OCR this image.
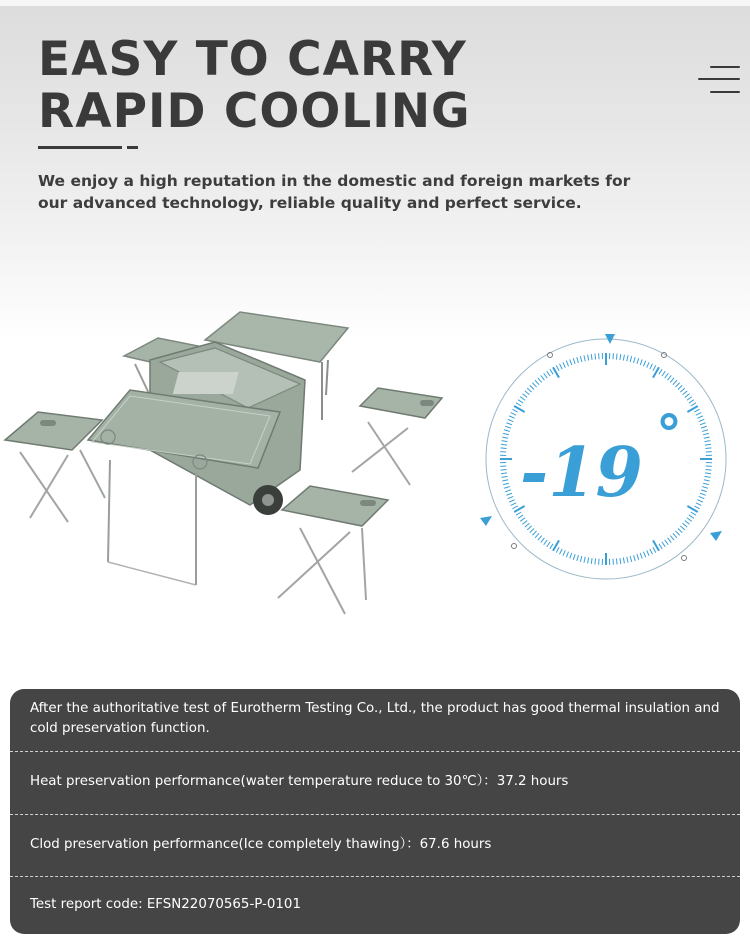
EASY TO CARRY
RAPID COOLING

We enjoy a high reputation in the domestic and foreign markets for our advanced technology, reliable quality and perfect service.

-19 °

After the authoritative test of Eurotherm Testing Co., Ltd., the product has good thermal insulation and cold preservation function.

Heat preservation performance(water temperature reduce to 30℃）：37.2 hours

Clod preservation performance(Ice completely thawing）：67.6 hours

Test report code: EFSN22070565-P-0101
